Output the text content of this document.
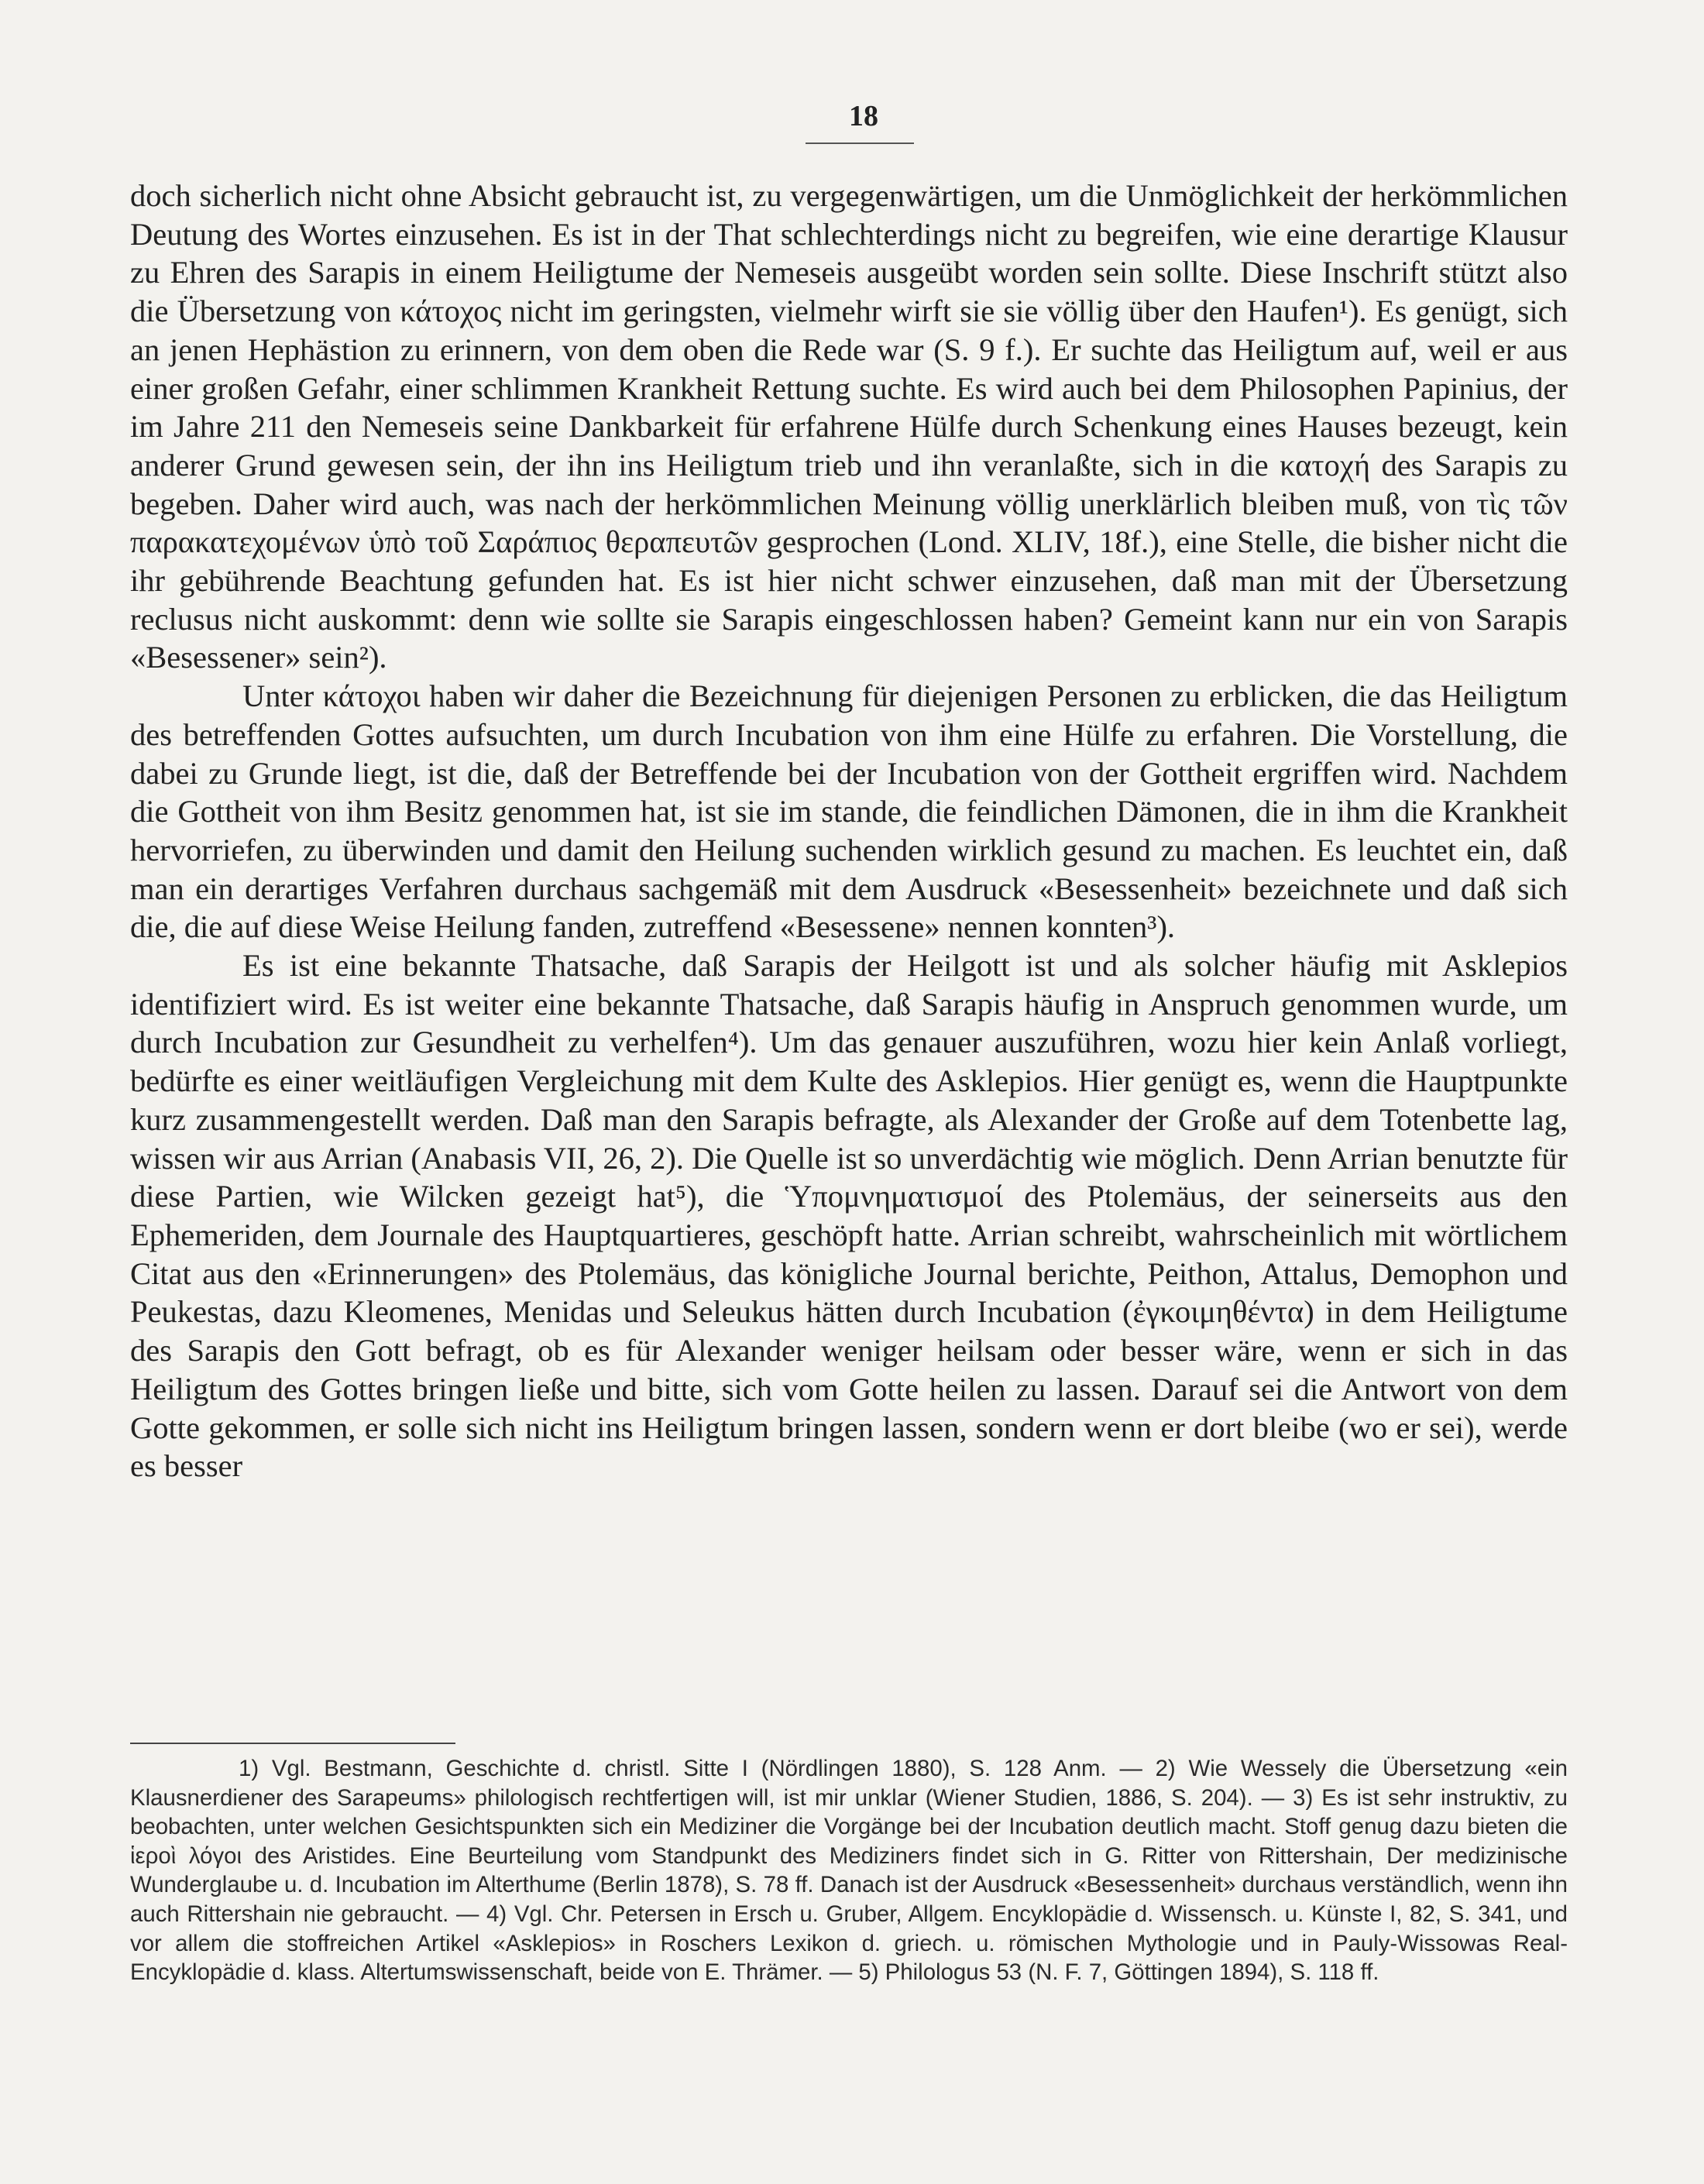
18

doch sicherlich nicht ohne Absicht gebraucht ist, zu vergegenwärtigen, um die Unmöglichkeit der herkömmlichen Deutung des Wortes einzusehen. Es ist in der That schlechterdings nicht zu begreifen, wie eine derartige Klausur zu Ehren des Sarapis in einem Heiligtume der Nemeseis ausgeübt worden sein sollte. Diese Inschrift stützt also die Übersetzung von κάτοχος nicht im geringsten, vielmehr wirft sie sie völlig über den Haufen¹). Es genügt, sich an jenen Hephästion zu erinnern, von dem oben die Rede war (S. 9 f.). Er suchte das Heiligtum auf, weil er aus einer großen Gefahr, einer schlimmen Krankheit Rettung suchte. Es wird auch bei dem Philosophen Papinius, der im Jahre 211 den Nemeseis seine Dankbarkeit für erfahrene Hülfe durch Schenkung eines Hauses bezeugt, kein anderer Grund gewesen sein, der ihn ins Heiligtum trieb und ihn veranlaßte, sich in die κατοχή des Sarapis zu begeben. Daher wird auch, was nach der herkömmlichen Meinung völlig unerklärlich bleiben muß, von τὶς τῶν παρακατεχομένων ὑπὸ τοῦ Σαράπιος θεραπευτῶν gesprochen (Lond. XLIV, 18f.), eine Stelle, die bisher nicht die ihr gebührende Beachtung gefunden hat. Es ist hier nicht schwer einzusehen, daß man mit der Übersetzung reclusus nicht auskommt: denn wie sollte sie Sarapis eingeschlossen haben? Gemeint kann nur ein von Sarapis «Besessener» sein²).

Unter κάτοχοι haben wir daher die Bezeichnung für diejenigen Personen zu erblicken, die das Heiligtum des betreffenden Gottes aufsuchten, um durch Incubation von ihm eine Hülfe zu erfahren. Die Vorstellung, die dabei zu Grunde liegt, ist die, daß der Betreffende bei der Incubation von der Gottheit ergriffen wird. Nachdem die Gottheit von ihm Besitz genommen hat, ist sie im stande, die feindlichen Dämonen, die in ihm die Krankheit hervorriefen, zu überwinden und damit den Heilung suchenden wirklich gesund zu machen. Es leuchtet ein, daß man ein derartiges Verfahren durchaus sachgemäß mit dem Ausdruck «Besessenheit» bezeichnete und daß sich die, die auf diese Weise Heilung fanden, zutreffend «Besessene» nennen konnten³).

Es ist eine bekannte Thatsache, daß Sarapis der Heilgott ist und als solcher häufig mit Asklepios identifiziert wird. Es ist weiter eine bekannte Thatsache, daß Sarapis häufig in Anspruch genommen wurde, um durch Incubation zur Gesundheit zu verhelfen⁴). Um das genauer auszuführen, wozu hier kein Anlaß vorliegt, bedürfte es einer weitläufigen Vergleichung mit dem Kulte des Asklepios. Hier genügt es, wenn die Hauptpunkte kurz zusammengestellt werden. Daß man den Sarapis befragte, als Alexander der Große auf dem Totenbette lag, wissen wir aus Arrian (Anabasis VII, 26, 2). Die Quelle ist so unverdächtig wie möglich. Denn Arrian benutzte für diese Partien, wie Wilcken gezeigt hat⁵), die Ὑπομνηματισμοί des Ptolemäus, der seinerseits aus den Ephemeriden, dem Journale des Hauptquartieres, geschöpft hatte. Arrian schreibt, wahrscheinlich mit wörtlichem Citat aus den «Erinnerungen» des Ptolemäus, das königliche Journal berichte, Peithon, Attalus, Demophon und Peukestas, dazu Kleomenes, Menidas und Seleukus hätten durch Incubation (ἐγκοιμηθέντα) in dem Heiligtume des Sarapis den Gott befragt, ob es für Alexander weniger heilsam oder besser wäre, wenn er sich in das Heiligtum des Gottes bringen ließe und bitte, sich vom Gotte heilen zu lassen. Darauf sei die Antwort von dem Gotte gekommen, er solle sich nicht ins Heiligtum bringen lassen, sondern wenn er dort bleibe (wo er sei), werde es besser

1) Vgl. Bestmann, Geschichte d. christl. Sitte I (Nördlingen 1880), S. 128 Anm. — 2) Wie Wessely die Übersetzung «ein Klausnerdiener des Sarapeums» philologisch rechtfertigen will, ist mir unklar (Wiener Studien, 1886, S. 204). — 3) Es ist sehr instruktiv, zu beobachten, unter welchen Gesichtspunkten sich ein Mediziner die Vorgänge bei der Incubation deutlich macht. Stoff genug dazu bieten die ἱεροὶ λόγοι des Aristides. Eine Beurteilung vom Standpunkt des Mediziners findet sich in G. Ritter von Rittershain, Der medizinische Wunderglaube u. d. Incubation im Alterthume (Berlin 1878), S. 78 ff. Danach ist der Ausdruck «Besessenheit» durchaus verständlich, wenn ihn auch Rittershain nie gebraucht. — 4) Vgl. Chr. Petersen in Ersch u. Gruber, Allgem. Encyklopädie d. Wissensch. u. Künste I, 82, S. 341, und vor allem die stoffreichen Artikel «Asklepios» in Roschers Lexikon d. griech. u. römischen Mythologie und in Pauly-Wissowas Real-Encyklopädie d. klass. Altertumswissenschaft, beide von E. Thrämer. — 5) Philologus 53 (N. F. 7, Göttingen 1894), S. 118 ff.
